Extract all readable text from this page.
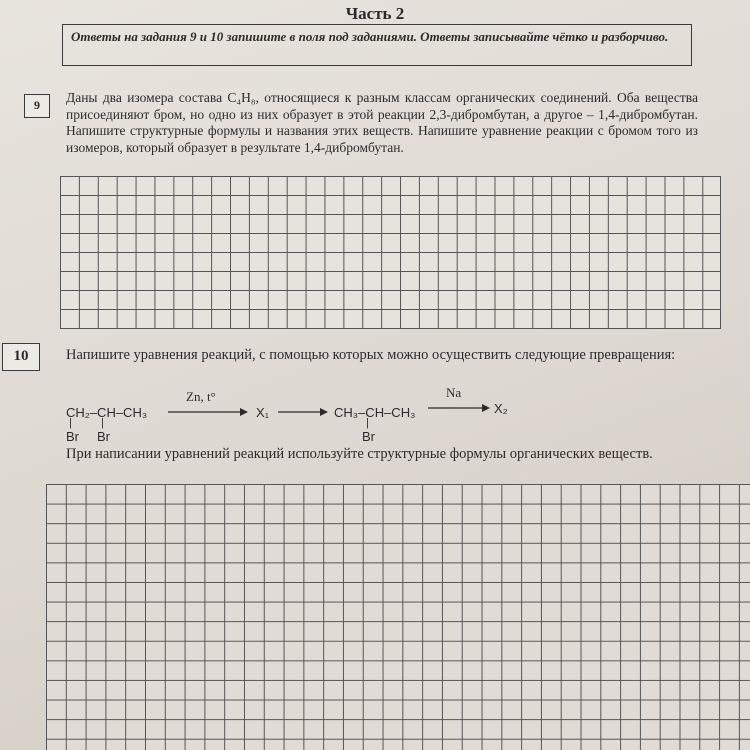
Часть 2
Ответы на задания 9 и 10 запишите в поля под заданиями. Ответы записывайте чётко и разборчиво.
9	Даны два изомера состава C₄H₈, относящиеся к разным классам органических соединений. Оба вещества присоединяют бром, но одно из них образует в этой реакции 2,3-дибромбутан, а другое – 1,4-дибромбутан. Напишите структурные формулы и названия этих веществ. Напишите уравнение реакции с бромом того из изомеров, который образует в результате 1,4-дибромбутан.
10	Напишите уравнения реакций, с помощью которых можно осуществить следующие превращения:
CH₂–CH–CH₃
|	|
Br Br
Zn, t°
X₁	CH₃–CH–CH₃
|
Br
Na
X₂
При написании уравнений реакций используйте структурные формулы органических веществ.
